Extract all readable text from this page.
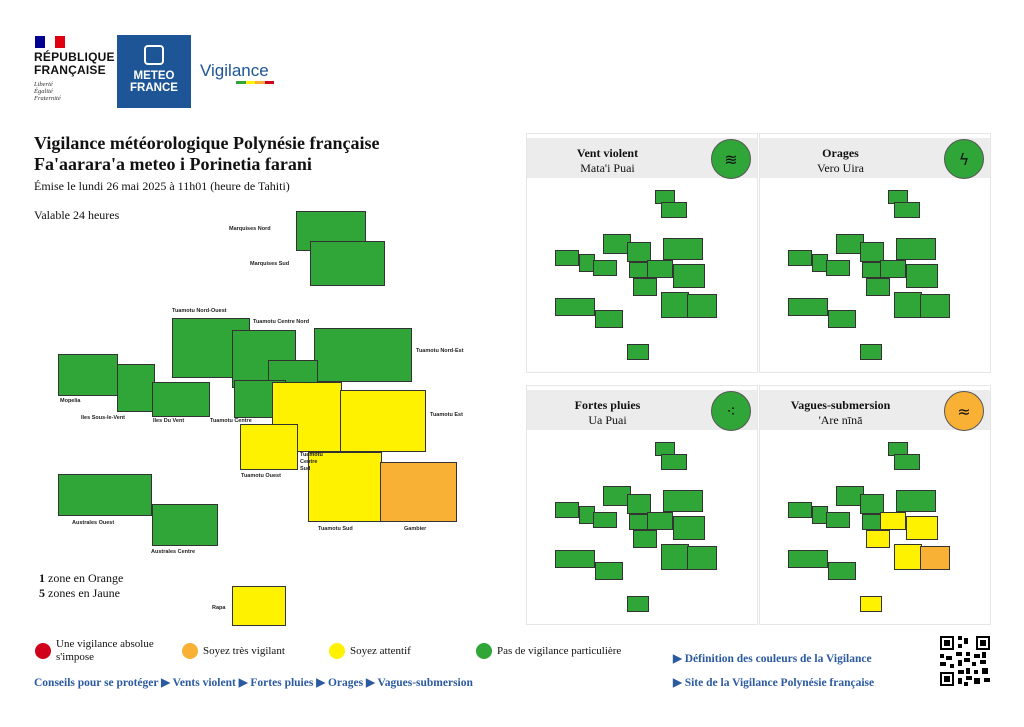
RÉPUBLIQUE
FRANÇAISE
Liberté
Égalité
Fraternité
METEO
FRANCE
Vigilance
Vigilance météorologique Polynésie française
Fa'aarara'a meteo i Porinetia farani
Émise le lundi 26 mai 2025 à 11h01 (heure de Tahiti)
Valable 24 heures
Marquises Nord
Marquises Sud
Tuamotu Nord-Ouest
Tuamotu Centre Nord
Tuamotu Nord-Est
Mopelia
Iles Sous-le-Vent	Iles Du Vent	Tuamotu Centre
Tuamotu Est
Tuamotu Ouest
Tuamotu Centre Sud
Tuamotu Sud	Gambier
Australes Ouest
Australes Centre
Rapa
1 zone en Orange
5 zones en Jaune
Vent violent
Mata'i Puai	≋	Orages
Vero Uira	ϟ
Fortes pluies
Ua Puai	⁖	Vagues-submersion
'Are nīnā	≈
Une vigilance absolue s'impose	Soyez très vigilant	Soyez attentif	Pas de vigilance particulière
Conseils pour se protéger ▶ Vents violent ▶ Fortes pluies ▶ Orages ▶ Vagues-submersion
▶ Définition des couleurs de la Vigilance
▶ Site de la Vigilance Polynésie française
